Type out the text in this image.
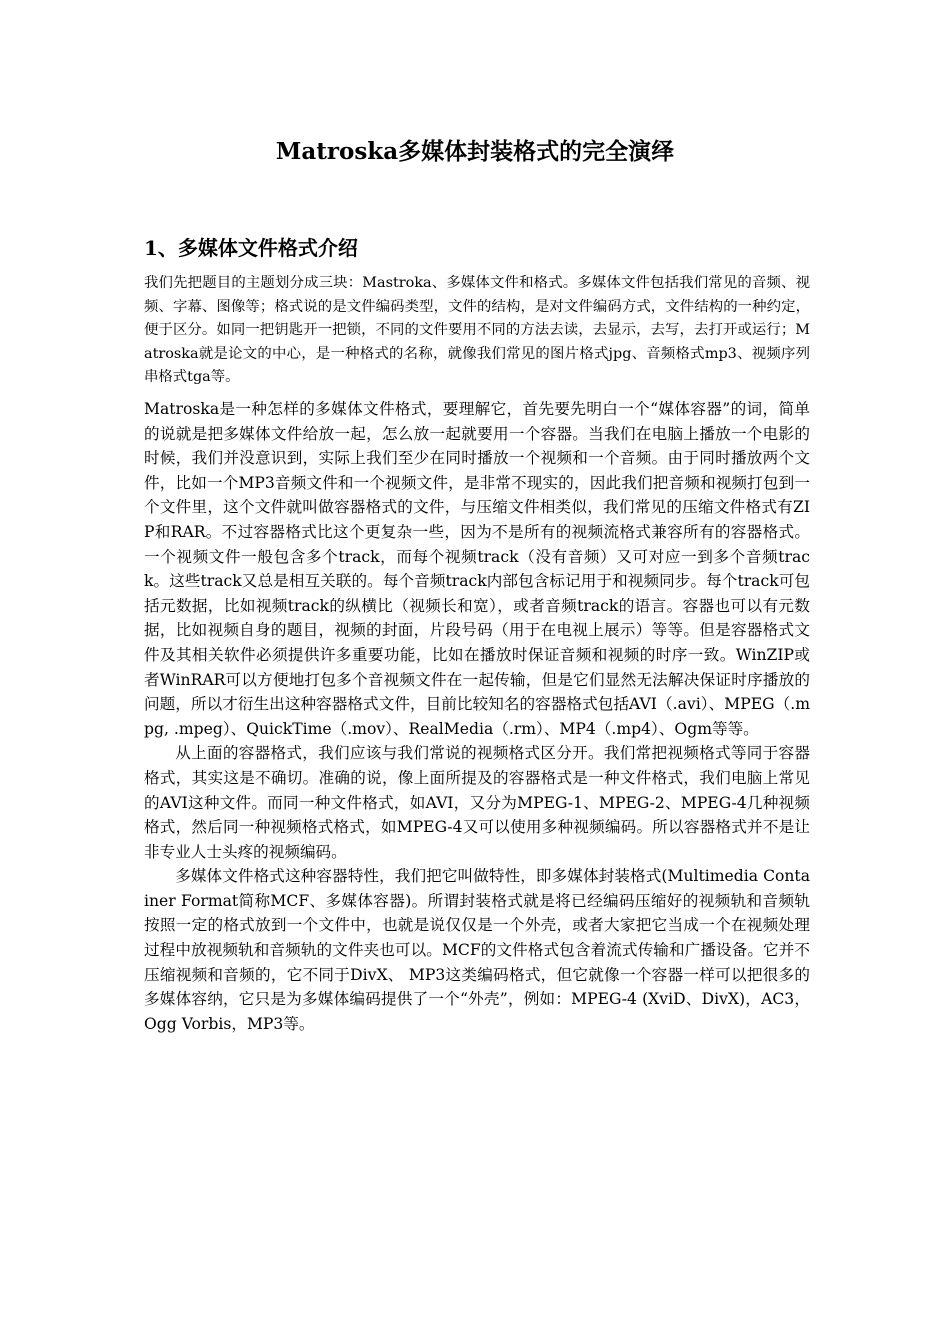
Matroska多媒体封装格式的完全演绎
1、多媒体文件格式介绍

我们先把题目的主题划分成三块：Mastroka、多媒体文件和格式。多媒体文件包括我们常见的音频、视频、字幕、图像等；格式说的是文件编码类型，文件的结构，是对文件编码方式，文件结构的一种约定，便于区分。如同一把钥匙开一把锁，不同的文件要用不同的方法去读，去显示，去写，去打开或运行；Matroska就是论文的中心，是一种格式的名称，就像我们常见的图片格式jpg、音频格式mp3、视频序列串格式tga等。

Matroska是一种怎样的多媒体文件格式，要理解它，首先要先明白一个“媒体容器”的词，简单的说就是把多媒体文件给放一起，怎么放一起就要用一个容器。当我们在电脑上播放一个电影的时候，我们并没意识到，实际上我们至少在同时播放一个视频和一个音频。由于同时播放两个文件，比如一个MP3音频文件和一个视频文件，是非常不现实的，因此我们把音频和视频打包到一个文件里，这个文件就叫做容器格式的文件，与压缩文件相类似，我们常见的压缩文件格式有ZIP和RAR。不过容器格式比这个更复杂一些，因为不是所有的视频流格式兼容所有的容器格式。一个视频文件一般包含多个track，而每个视频track（没有音频）又可对应一到多个音频track。这些track又总是相互关联的。每个音频track内部包含标记用于和视频同步。每个track可包括元数据，比如视频track的纵横比（视频长和宽），或者音频track的语言。容器也可以有元数据，比如视频自身的题目，视频的封面，片段号码（用于在电视上展示）等等。但是容器格式文件及其相关软件必须提供许多重要功能，比如在播放时保证音频和视频的时序一致。WinZIP或者WinRAR可以方便地打包多个音视频文件在一起传输，但是它们显然无法解决保证时序播放的问题，所以才衍生出这种容器格式文件，目前比较知名的容器格式包括AVI（.avi）、MPEG（.mpg, .mpeg）、QuickTime（.mov）、RealMedia（.rm）、MP4（.mp4）、Ogm等等。

从上面的容器格式，我们应该与我们常说的视频格式区分开。我们常把视频格式等同于容器格式，其实这是不确切。准确的说，像上面所提及的容器格式是一种文件格式，我们电脑上常见的AVI这种文件。而同一种文件格式，如AVI，又分为MPEG-1、MPEG-2、MPEG-4几种视频格式，然后同一种视频格式格式，如MPEG-4又可以使用多种视频编码。所以容器格式并不是让非专业人士头疼的视频编码。

多媒体文件格式这种容器特性，我们把它叫做特性，即多媒体封装格式(Multimedia Container Format简称MCF、多媒体容器)。所谓封装格式就是将已经编码压缩好的视频轨和音频轨按照一定的格式放到一个文件中，也就是说仅仅是一个外壳，或者大家把它当成一个在视频处理过程中放视频轨和音频轨的文件夹也可以。MCF的文件格式包含着流式传输和广播设备。它并不压缩视频和音频的，它不同于DivX、 MP3这类编码格式，但它就像一个容器一样可以把很多的多媒体容纳，它只是为多媒体编码提供了一个“外壳”，例如：MPEG-4 (XviD、DivX)，AC3，Ogg Vorbis，MP3等。
